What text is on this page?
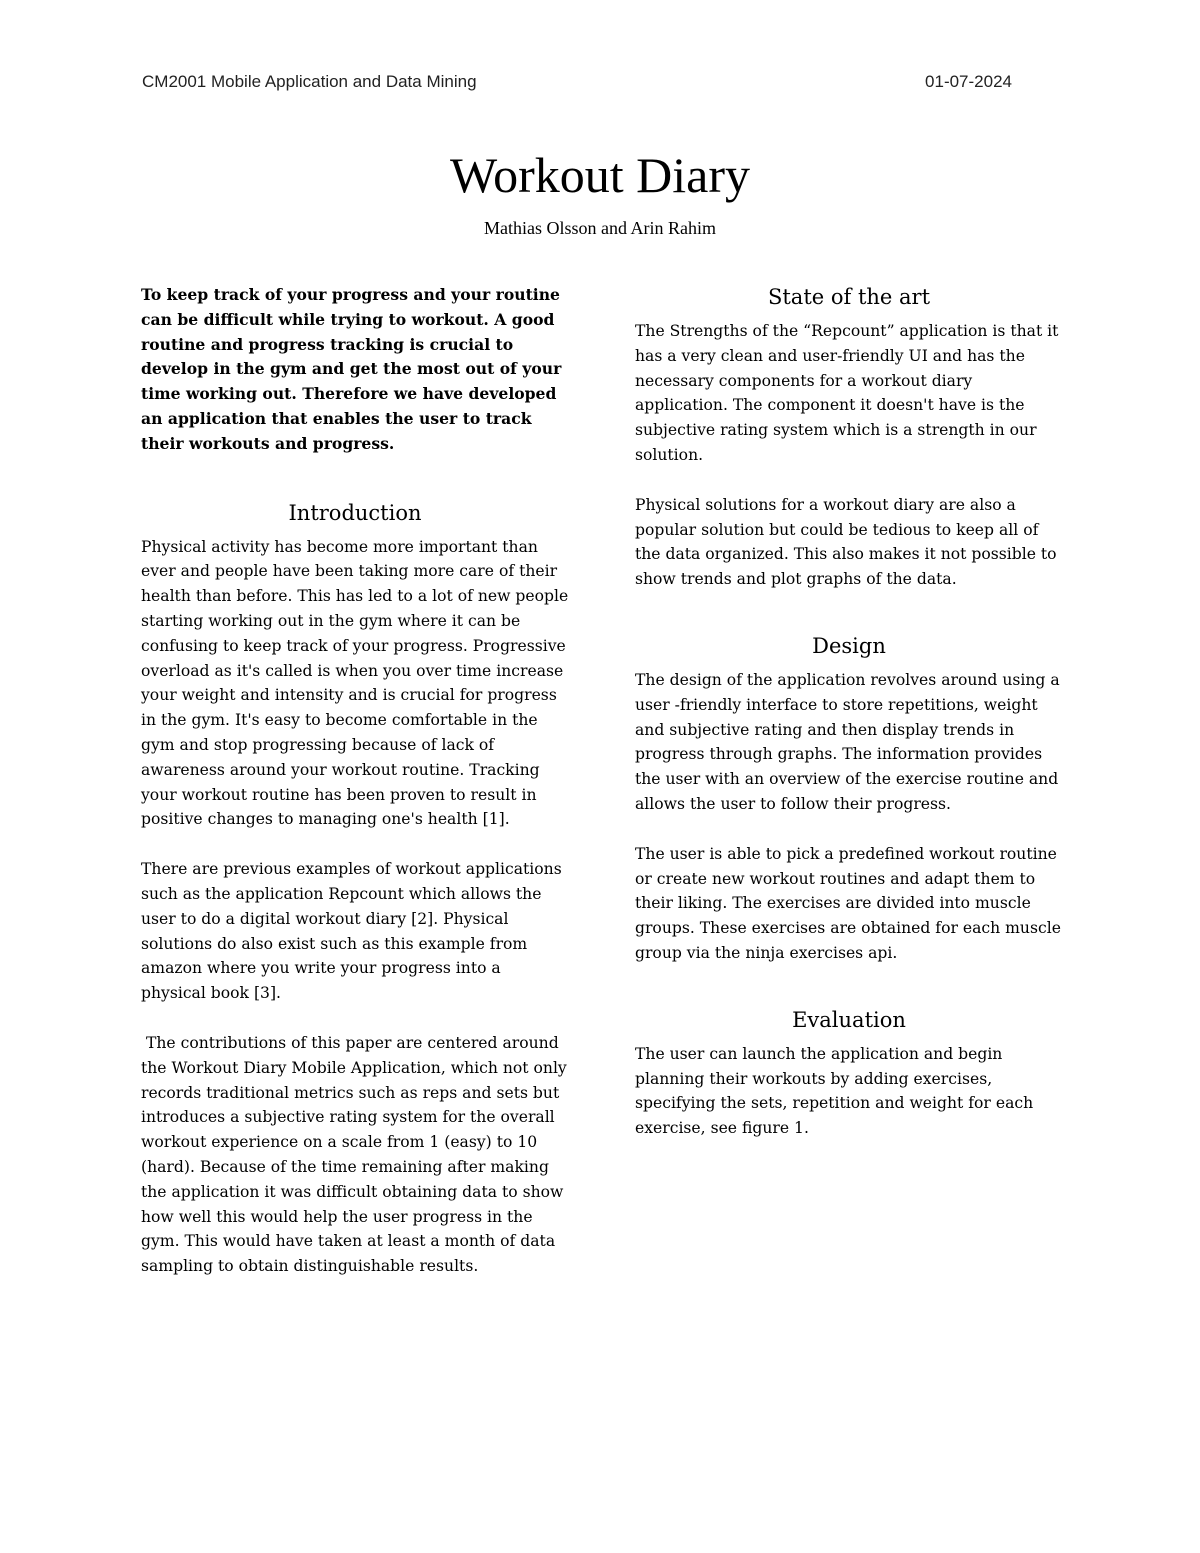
CM2001 Mobile Application and Data Mining	01-07-2024
Workout Diary
Mathias Olsson and Arin Rahim

To keep track of your progress and your routine can be difficult while trying to workout. A good routine and progress tracking is crucial to develop in the gym and get the most out of your time working out. Therefore we have developed an application that enables the user to track their workouts and progress.

Introduction

Physical activity has become more important than ever and people have been taking more care of their health than before. This has led to a lot of new people starting working out in the gym where it can be confusing to keep track of your progress. Progressive overload as it's called is when you over time increase your weight and intensity and is crucial for progress in the gym. It's easy to become comfortable in the gym and stop progressing because of lack of awareness around your workout routine. Tracking your workout routine has been proven to result in positive changes to managing one's health [1].

There are previous examples of workout applications such as the application Repcount which allows the user to do a digital workout diary [2]. Physical solutions do also exist such as this example from amazon where you write your progress into a physical book [3].

The contributions of this paper are centered around the Workout Diary Mobile Application, which not only records traditional metrics such as reps and sets but introduces a subjective rating system for the overall workout experience on a scale from 1 (easy) to 10 (hard). Because of the time remaining after making the application it was difficult obtaining data to show how well this would help the user progress in the gym. This would have taken at least a month of data sampling to obtain distinguishable results.

State of the art

The Strengths of the “Repcount” application is that it has a very clean and user-friendly UI and has the necessary components for a workout diary application. The component it doesn't have is the subjective rating system which is a strength in our solution.

Physical solutions for a workout diary are also a popular solution but could be tedious to keep all of the data organized. This also makes it not possible to show trends and plot graphs of the data.

Design

The design of the application revolves around using a user -friendly interface to store repetitions, weight and subjective rating and then display trends in progress through graphs. The information provides the user with an overview of the exercise routine and allows the user to follow their progress.

The user is able to pick a predefined workout routine or create new workout routines and adapt them to their liking. The exercises are divided into muscle groups. These exercises are obtained for each muscle group via the ninja exercises api.

Evaluation

The user can launch the application and begin planning their workouts by adding exercises, specifying the sets, repetition and weight for each exercise, see figure 1.
